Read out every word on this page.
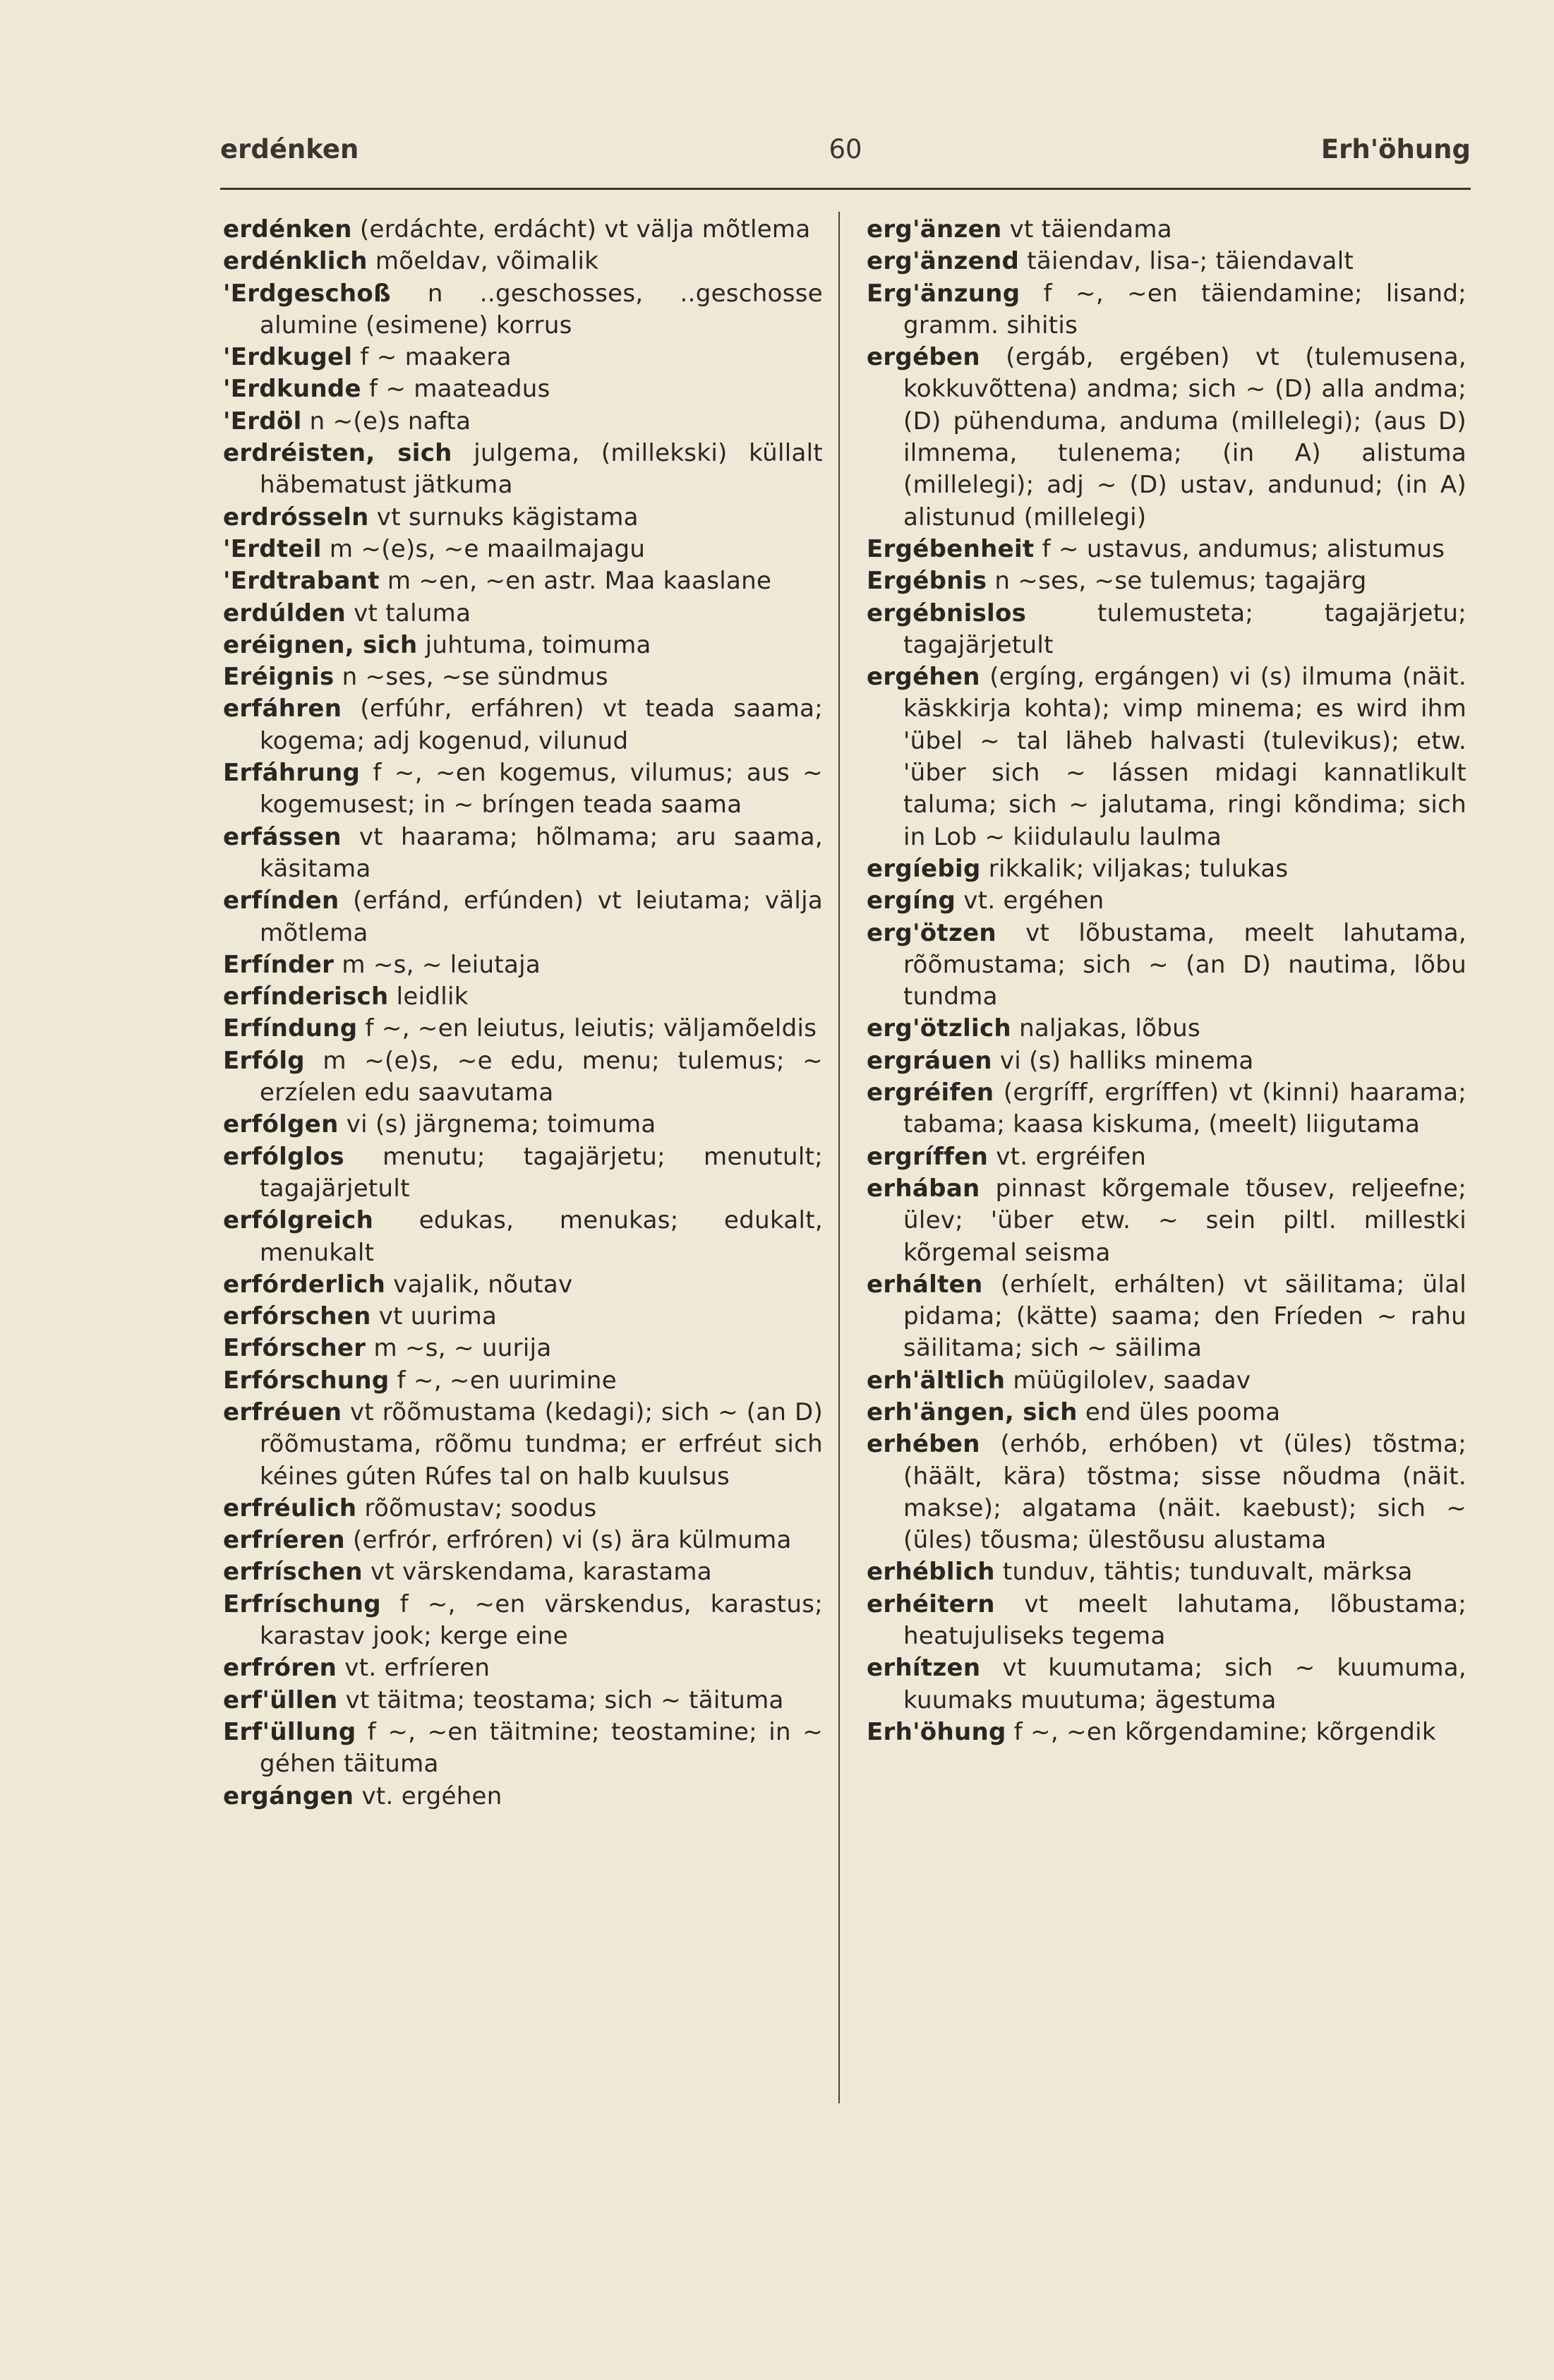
erdénken	60	Erh'öhung

erdénken (erdáchte, erdácht) vt välja mõtlema

erdénklich mõeldav, võimalik

'Erdgeschoß n ..geschosses, ..geschosse alumine (esimene) korrus

'Erdkugel f ~ maakera

'Erdkunde f ~ maateadus

'Erdöl n ~(e)s nafta

erdréisten, sich julgema, (millekski) küllalt häbematust jätkuma

erdrósseln vt surnuks kägistama

'Erdteil m ~(e)s, ~e maailmajagu

'Erdtrabant m ~en, ~en astr. Maa kaaslane

erdúlden vt taluma

eréignen, sich juhtuma, toimuma

Eréignis n ~ses, ~se sündmus

erfáhren (erfúhr, erfáhren) vt teada saama; kogema; adj kogenud, vilunud

Erfáhrung f ~, ~en kogemus, vilumus; aus ~ kogemusest; in ~ bríngen teada saama

erfássen vt haarama; hõlmama; aru saama, käsitama

erfínden (erfánd, erfúnden) vt leiutama; välja mõtlema

Erfínder m ~s, ~ leiutaja

erfínderisch leidlik

Erfíndung f ~, ~en leiutus, leiutis; väljamõeldis

Erfólg m ~(e)s, ~e edu, menu; tulemus; ~ erzíelen edu saavutama

erfólgen vi (s) järgnema; toimuma

erfólglos menutu; tagajärjetu; menutult; tagajärjetult

erfólgreich edukas, menukas; edukalt, menukalt

erfórderlich vajalik, nõutav

erfórschen vt uurima

Erfórscher m ~s, ~ uurija

Erfórschung f ~, ~en uurimine

erfréuen vt rõõmustama (kedagi); sich ~ (an D) rõõmustama, rõõmu tundma; er erfréut sich kéines gúten Rúfes tal on halb kuulsus

erfréulich rõõmustav; soodus

erfríeren (erfrór, erfróren) vi (s) ära külmuma

erfríschen vt värskendama, karastama

Erfríschung f ~, ~en värskendus, karastus; karastav jook; kerge eine

erfróren vt. erfríeren

erf'üllen vt täitma; teostama; sich ~ täituma

Erf'üllung f ~, ~en täitmine; teostamine; in ~ géhen täituma

ergángen vt. ergéhen

erg'änzen vt täiendama

erg'änzend täiendav, lisa-; täiendavalt

Erg'änzung f ~, ~en täiendamine; lisand; gramm. sihitis

ergében (ergáb, ergében) vt (tulemusena, kokkuvõttena) andma; sich ~ (D) alla andma; (D) pühenduma, anduma (millelegi); (aus D) ilmnema, tulenema; (in A) alistuma (millelegi); adj ~ (D) ustav, andunud; (in A) alistunud (millelegi)

Ergébenheit f ~ ustavus, andumus; alistumus

Ergébnis n ~ses, ~se tulemus; tagajärg

ergébnislos	tulemusteta; tagajärjetu; tagajärjetult

ergéhen (ergíng, ergángen) vi (s) ilmuma (näit. käskkirja kohta); vimp minema; es wird ihm 'übel ~ tal läheb halvasti (tulevikus); etw. 'über sich ~ lássen midagi kannatlikult taluma; sich ~ jalutama, ringi kõndima; sich in Lob ~ kiidulaulu laulma

ergíebig rikkalik; viljakas; tulukas

ergíng vt. ergéhen

erg'ötzen vt lõbustama, meelt lahutama, rõõmustama; sich ~ (an D) nautima, lõbu tundma

erg'ötzlich naljakas, lõbus

ergráuen vi (s) halliks minema

ergréifen (ergríff, ergríffen) vt (kinni) haarama; tabama; kaasa kiskuma, (meelt) liigutama

ergríffen vt. ergréifen

erhában pinnast kõrgemale tõusev, reljeefne; ülev; 'über etw. ~ sein piltl. millestki kõrgemal seisma

erhálten (erhíelt, erhálten) vt säilitama; ülal pidama; (kätte) saama; den Fríeden ~ rahu säilitama; sich ~ säilima

erh'ältlich müügilolev, saadav

erh'ängen, sich end üles pooma

erhében (erhób, erhóben) vt (üles) tõstma; (häält, kära) tõstma; sisse nõudma (näit. makse); algatama (näit. kaebust); sich ~ (üles) tõusma; ülestõusu alustama

erhéblich tunduv, tähtis; tunduvalt, märksa

erhéitern vt meelt lahutama, lõbustama; heatujuliseks tegema

erhítzen vt kuumutama; sich ~ kuumuma, kuumaks muutuma; ägestuma

Erh'öhung f ~, ~en kõrgendamine; kõrgendik
